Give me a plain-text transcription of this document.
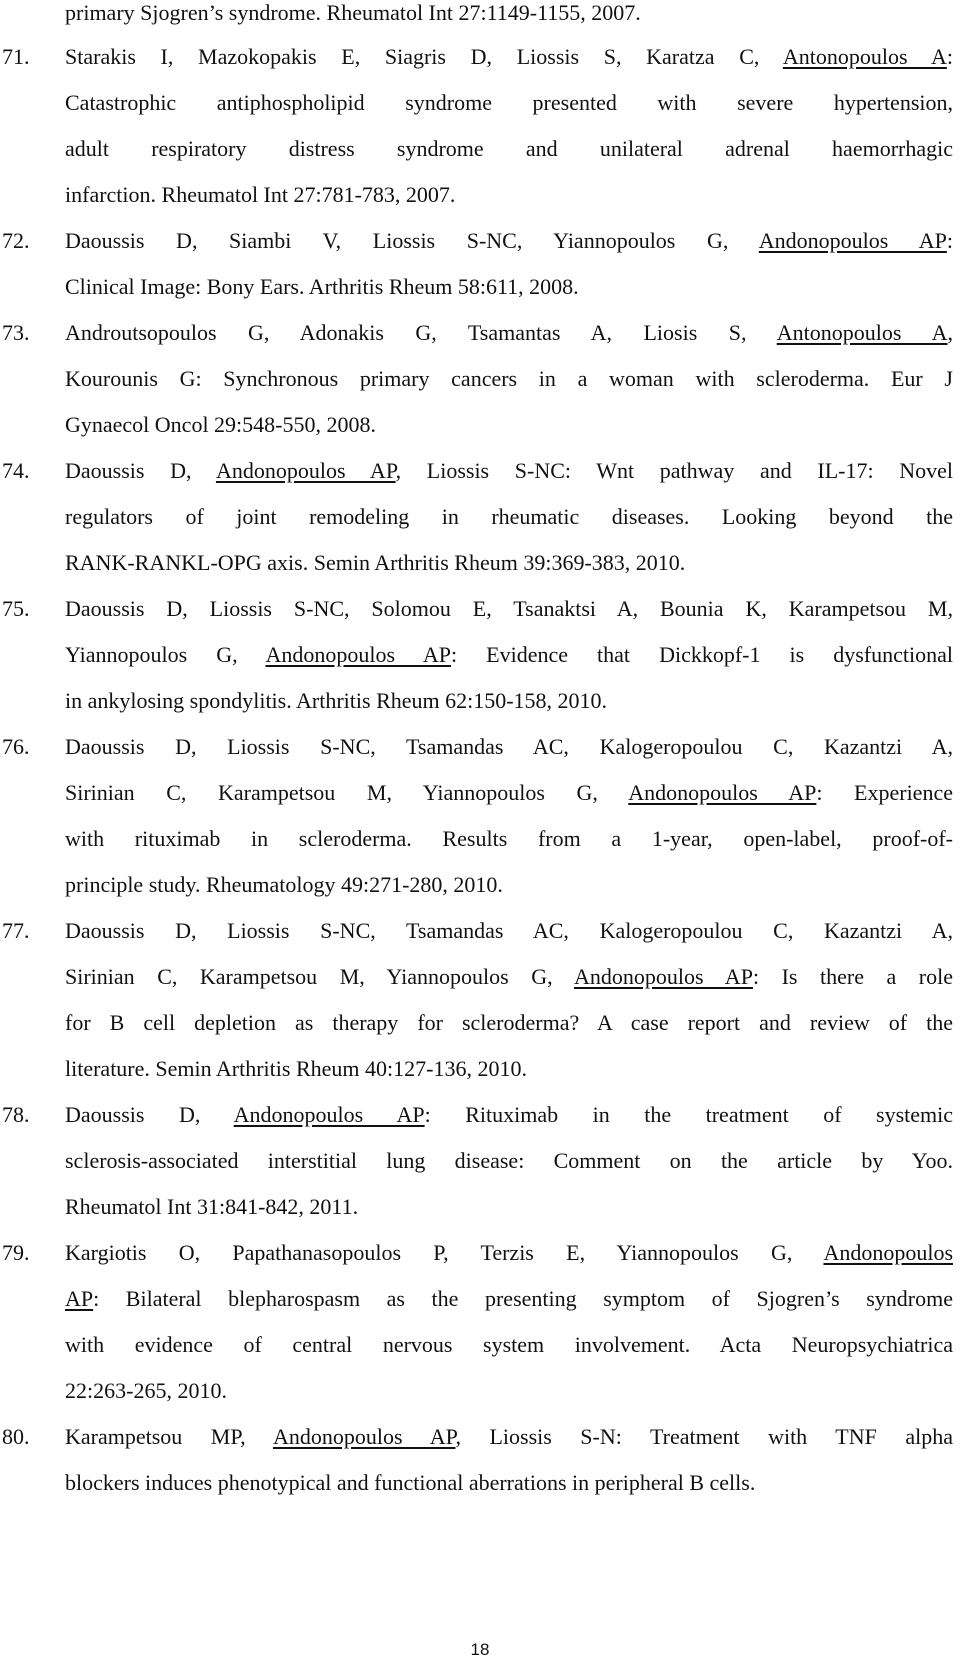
primary Sjogren’s syndrome. Rheumatol Int 27:1149-1155, 2007.
71. Starakis I, Mazokopakis E, Siagris D, Liossis S, Karatza C, Antonopoulos A:
Catastrophic antiphospholipid syndrome presented with severe hypertension,
adult respiratory distress syndrome and unilateral adrenal haemorrhagic
infarction. Rheumatol Int 27:781-783, 2007.
72. Daoussis D, Siambi V, Liossis S-NC, Yiannopoulos G, Andonopoulos AP:
Clinical Image: Bony Ears. Arthritis Rheum 58:611, 2008.
73. Androutsopoulos G, Adonakis G, Tsamantas A, Liosis S, Antonopoulos A,
Kourounis G: Synchronous primary cancers in a woman with scleroderma. Eur J
Gynaecol Oncol 29:548-550, 2008.
74. Daoussis D, Andonopoulos AP, Liossis S-NC: Wnt pathway and IL-17: Novel
regulators of joint remodeling in rheumatic diseases. Looking beyond the
RANK-RANKL-OPG axis. Semin Arthritis Rheum 39:369-383, 2010.
75. Daoussis D, Liossis S-NC, Solomou E, Tsanaktsi A, Bounia K, Karampetsou M,
Yiannopoulos G, Andonopoulos AP: Evidence that Dickkopf-1 is dysfunctional
in ankylosing spondylitis. Arthritis Rheum 62:150-158, 2010.
76. Daoussis D, Liossis S-NC, Tsamandas AC, Kalogeropoulou C, Kazantzi A,
Sirinian C, Karampetsou M, Yiannopoulos G, Andonopoulos AP: Experience
with rituximab in scleroderma. Results from a 1-year, open-label, proof-of-
principle study. Rheumatology 49:271-280, 2010.
77. Daoussis D, Liossis S-NC, Tsamandas AC, Kalogeropoulou C, Kazantzi A,
Sirinian C, Karampetsou M, Yiannopoulos G, Andonopoulos AP: Is there a role
for B cell depletion as therapy for scleroderma? A case report and review of the
literature. Semin Arthritis Rheum 40:127-136, 2010.
78. Daoussis D, Andonopoulos AP: Rituximab in the treatment of systemic
sclerosis-associated interstitial lung disease: Comment on the article by Yoo.
Rheumatol Int 31:841-842, 2011.
79. Kargiotis O, Papathanasopoulos P, Terzis E, Yiannopoulos G, Andonopoulos
AP: Bilateral blepharospasm as the presenting symptom of Sjogren’s syndrome
with evidence of central nervous system involvement. Acta Neuropsychiatrica
22:263-265, 2010.
80. Karampetsou MP, Andonopoulos AP, Liossis S-N: Treatment with TNF alpha
blockers induces phenotypical and functional aberrations in peripheral B cells.
18
